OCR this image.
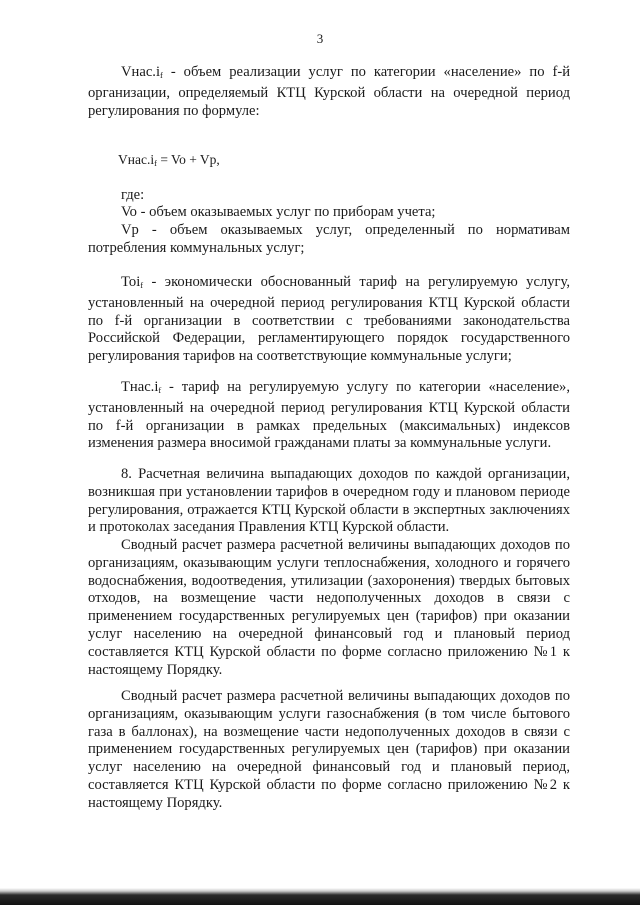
3

$Vнас.i_f$ - объем реализации услуг по категории «население» по f-й организации, определяемый КТЦ Курской области на очередной период регулирования по формуле:

$Vнас.i_f = Vo + Vp$,
где:
Vo - объем оказываемых услуг по приборам учета;

Vp - объем оказываемых услуг, определенный по нормативам потребления коммунальных услуг;

Toi$_f$ - экономически обоснованный тариф на регулируемую услугу, установленный на очередной период регулирования КТЦ Курской области по f-й организации в соответствии с требованиями законодательства Российской Федерации, регламентирующего порядок государственного регулирования тарифов на соответствующие коммунальные услуги;

$Тнас.i_f$ - тариф на регулируемую услугу по категории «население», установленный на очередной период регулирования КТЦ Курской области по f-й организации в рамках предельных (максимальных) индексов изменения размера вносимой гражданами платы за коммунальные услуги.

8. Расчетная величина выпадающих доходов по каждой организации, возникшая при установлении тарифов в очередном году и плановом периоде регулирования, отражается КТЦ Курской области в экспертных заключениях и протоколах заседания Правления КТЦ Курской области.

Сводный расчет размера расчетной величины выпадающих доходов по организациям, оказывающим услуги теплоснабжения, холодного и горячего водоснабжения, водоотведения, утилизации (захоронения) твердых бытовых отходов, на возмещение части недополученных доходов в связи с применением государственных регулируемых цен (тарифов) при оказании услуг населению на очередной финансовый год и плановый период составляется КТЦ Курской области по форме согласно приложению №1 к настоящему Порядку.

Сводный расчет размера расчетной величины выпадающих доходов по организациям, оказывающим услуги газоснабжения (в том числе бытового газа в баллонах), на возмещение части недополученных доходов в связи с применением государственных регулируемых цен (тарифов) при оказании услуг населению на очередной финансовый год и плановый период, составляется КТЦ Курской области по форме согласно приложению №2 к настоящему Порядку.
